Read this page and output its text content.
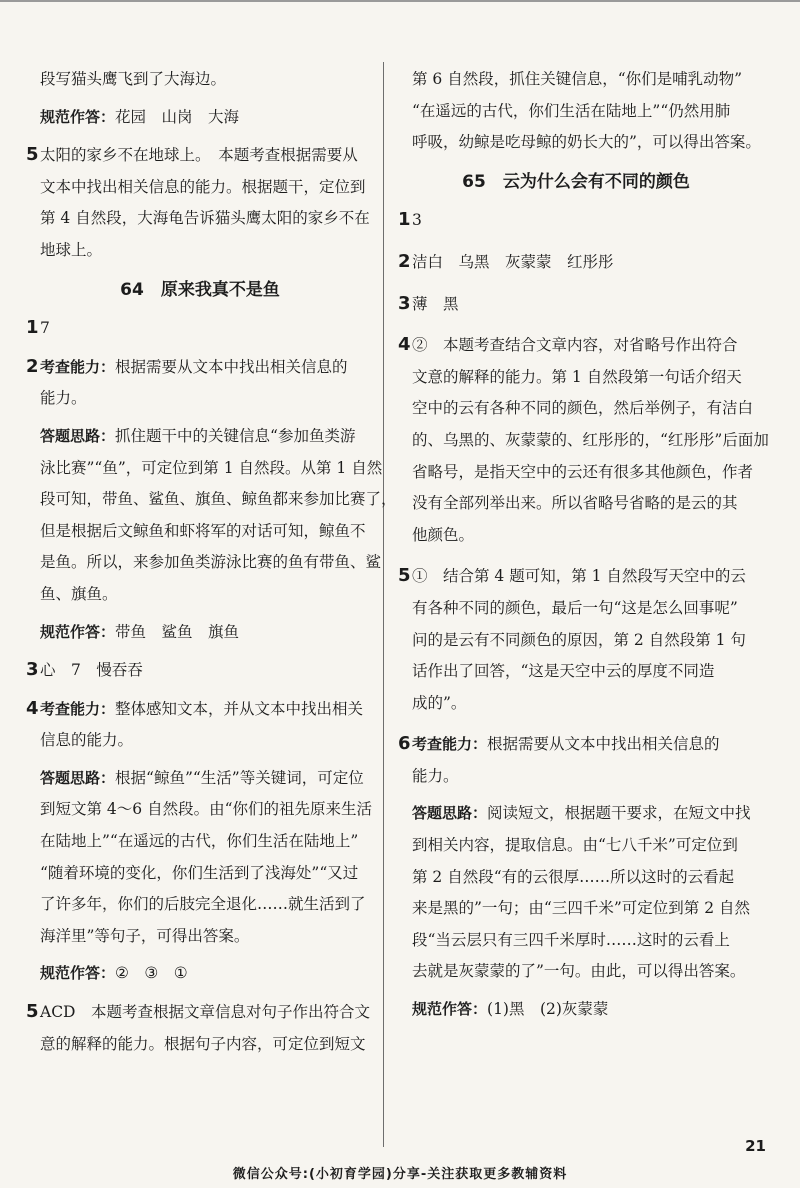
段写猫头鹰飞到了大海边。
规范作答：花园　山岗　大海
5太阳的家乡不在地球上。　本题考查根据需要从
文本中找出相关信息的能力。根据题干，定位到
第 4 自然段，大海龟告诉猫头鹰太阳的家乡不在
地球上。
64　原来我真不是鱼
17
2考查能力：根据需要从文本中找出相关信息的
能力。
答题思路：抓住题干中的关键信息“参加鱼类游
泳比赛”“鱼”，可定位到第 1 自然段。从第 1 自然
段可知，带鱼、鲨鱼、旗鱼、鲸鱼都来参加比赛了，
但是根据后文鲸鱼和虾将军的对话可知，鲸鱼不
是鱼。所以，来参加鱼类游泳比赛的鱼有带鱼、鲨
鱼、旗鱼。
规范作答：带鱼　鲨鱼　旗鱼
3心　7　慢吞吞
4考查能力：整体感知文本，并从文本中找出相关
信息的能力。
答题思路：根据“鲸鱼”“生活”等关键词，可定位
到短文第 4～6 自然段。由“你们的祖先原来生活
在陆地上”“在遥远的古代，你们生活在陆地上”
“随着环境的变化，你们生活到了浅海处”“又过
了许多年，你们的后肢完全退化……就生活到了
海洋里”等句子，可得出答案。
规范作答：②　③　①
5ACD　本题考查根据文章信息对句子作出符合文
意的解释的能力。根据句子内容，可定位到短文
第 6 自然段，抓住关键信息，“你们是哺乳动物”
“在遥远的古代，你们生活在陆地上”“仍然用肺
呼吸，幼鲸是吃母鲸的奶长大的”，可以得出答案。
65　云为什么会有不同的颜色
13
2洁白　乌黑　灰蒙蒙　红彤彤
3薄　黑
4②　本题考查结合文章内容，对省略号作出符合
文意的解释的能力。第 1 自然段第一句话介绍天
空中的云有各种不同的颜色，然后举例子，有洁白
的、乌黑的、灰蒙蒙的、红彤彤的，“红彤彤”后面加
省略号，是指天空中的云还有很多其他颜色，作者
没有全部列举出来。所以省略号省略的是云的其
他颜色。
5①　结合第 4 题可知，第 1 自然段写天空中的云
有各种不同的颜色，最后一句“这是怎么回事呢”
问的是云有不同颜色的原因，第 2 自然段第 1 句
话作出了回答，“这是天空中云的厚度不同造
成的”。
6考查能力：根据需要从文本中找出相关信息的
能力。
答题思路：阅读短文，根据题干要求，在短文中找
到相关内容，提取信息。由“七八千米”可定位到
第 2 自然段“有的云很厚……所以这时的云看起
来是黑的”一句；由“三四千米”可定位到第 2 自然
段“当云层只有三四千米厚时……这时的云看上
去就是灰蒙蒙的了”一句。由此，可以得出答案。
规范作答：(1)黑　(2)灰蒙蒙
21
微信公众号:(小初育学园)分享-关注获取更多教辅资料
